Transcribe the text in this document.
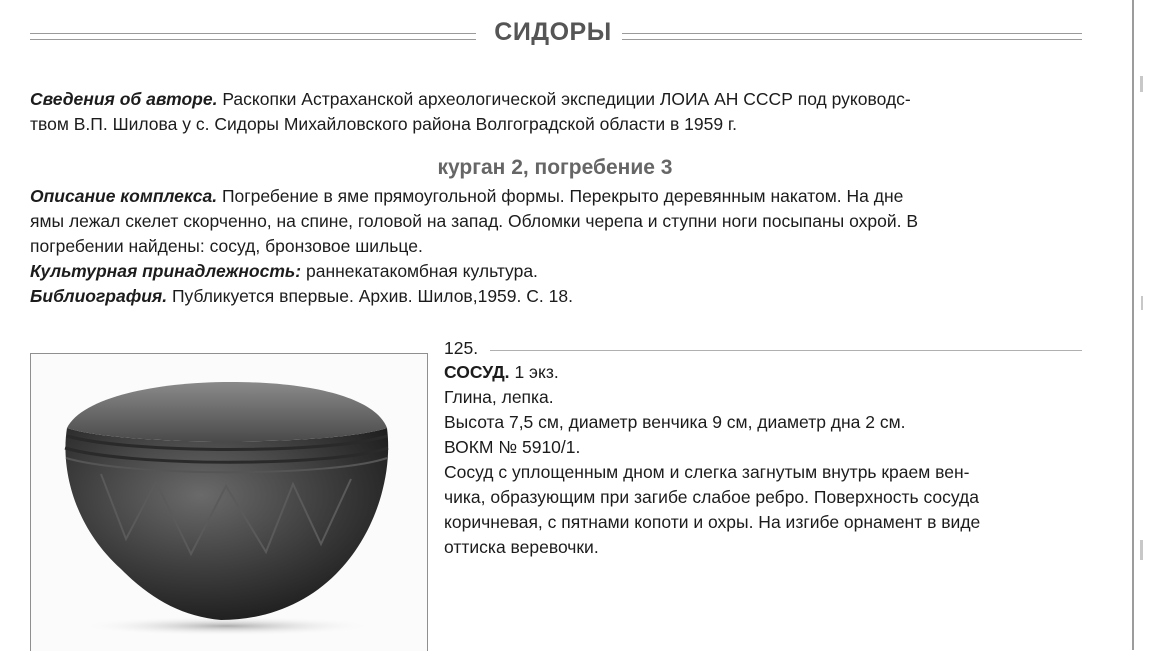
СИДОРЫ
Сведения об авторе. Раскопки Астраханской археологической экспедиции ЛОИА АН СССР под руководс-
твом В.П. Шилова у с. Сидоры Михайловского района Волгоградской области в 1959 г.
курган 2, погребение 3
Описание комплекса. Погребение в яме прямоугольной формы. Перекрыто деревянным накатом. На дне
ямы лежал скелет скорченно, на спине, головой на запад. Обломки черепа и ступни ноги посыпаны охрой. В
погребении найдены: сосуд, бронзовое шильце.
Культурная принадлежность: раннекатакомбная культура.
Библиография. Публикуется впервые. Архив. Шилов,1959. С. 18.
125.
СОСУД. 1 экз.
Глина, лепка.
Высота 7,5 см, диаметр венчика 9 см, диаметр дна 2 см.
ВОКМ № 5910/1.
Сосуд с уплощенным дном и слегка загнутым внутрь краем вен-
чика, образующим при загибе слабое ребро. Поверхность сосуда
коричневая, с пятнами копоти и охры. На изгибе орнамент в виде
оттиска веревочки.
